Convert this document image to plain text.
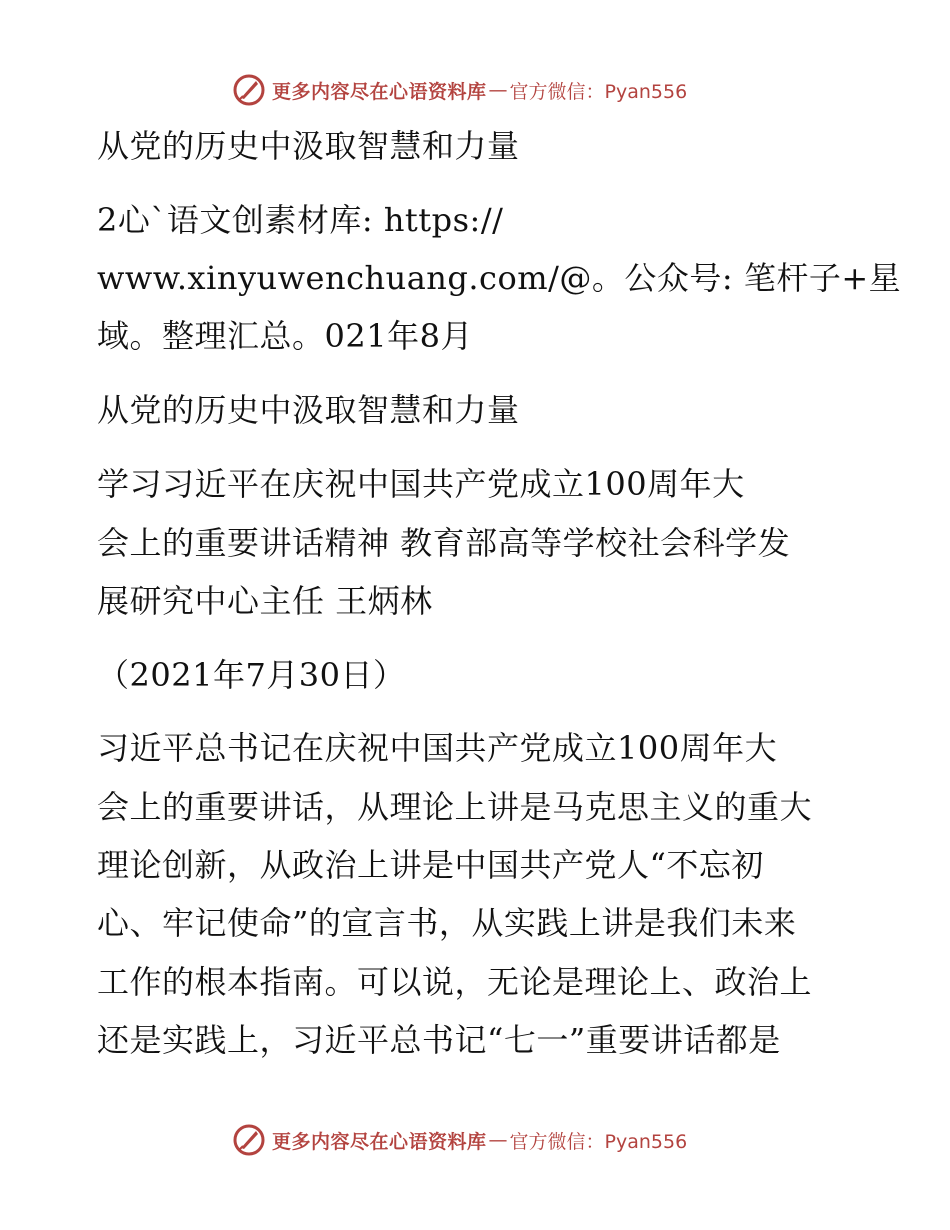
更多内容尽在心语资料库 — 官方微信：Pyan556
从党的历史中汲取智慧和力量
2心`语文创素材库: https://
www.xinyuwenchuang.com/@。公众号: 笔杆子+星
域。整理汇总。021年8月
从党的历史中汲取智慧和力量
学习习近平在庆祝中国共产党成立100周年大
会上的重要讲话精神 教育部高等学校社会科学发
展研究中心主任 王炳林
（2021年7月30日）
习近平总书记在庆祝中国共产党成立100周年大
会上的重要讲话，从理论上讲是马克思主义的重大
理论创新，从政治上讲是中国共产党人“不忘初
心、牢记使命”的宣言书，从实践上讲是我们未来
工作的根本指南。可以说，无论是理论上、政治上
还是实践上，习近平总书记“七一”重要讲话都是
更多内容尽在心语资料库 — 官方微信：Pyan556
